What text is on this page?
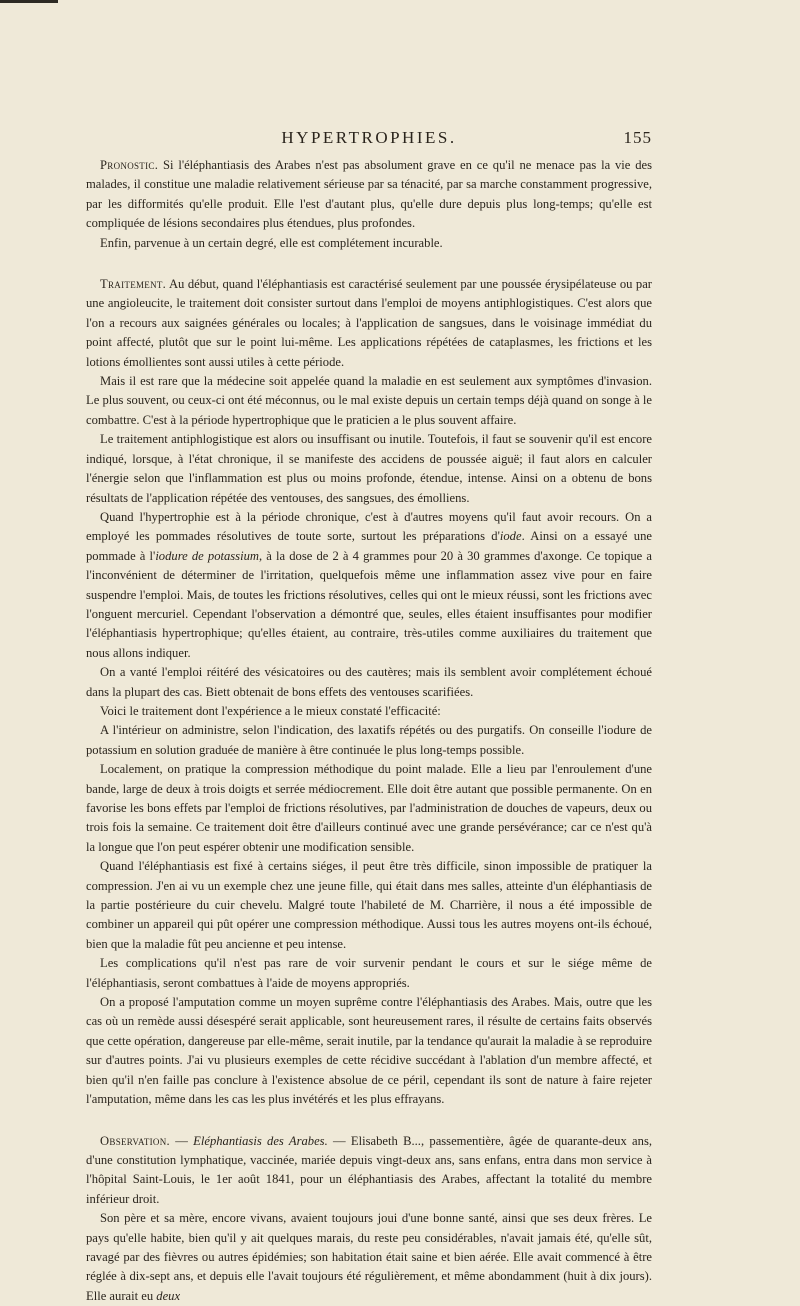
HYPERTROPHIES.	155

Pronostic. Si l'éléphantiasis des Arabes n'est pas absolument grave en ce qu'il ne menace pas la vie des malades, il constitue une maladie relativement sérieuse par sa ténacité, par sa marche constamment progressive, par les difformités qu'elle produit. Elle l'est d'autant plus, qu'elle dure depuis plus long-temps; qu'elle est compliquée de lésions secondaires plus étendues, plus profondes.

Enfin, parvenue à un certain degré, elle est complétement incurable.

Traitement. Au début, quand l'éléphantiasis est caractérisé seulement par une poussée érysipélateuse ou par une angioleucite, le traitement doit consister surtout dans l'emploi de moyens antiphlogistiques. C'est alors que l'on a recours aux saignées générales ou locales; à l'application de sangsues, dans le voisinage immédiat du point affecté, plutôt que sur le point lui-même. Les applications répétées de cataplasmes, les frictions et les lotions émollientes sont aussi utiles à cette période.

Mais il est rare que la médecine soit appelée quand la maladie en est seulement aux symptômes d'invasion. Le plus souvent, ou ceux-ci ont été méconnus, ou le mal existe depuis un certain temps déjà quand on songe à le combattre. C'est à la période hypertrophique que le praticien a le plus souvent affaire.

Le traitement antiphlogistique est alors ou insuffisant ou inutile. Toutefois, il faut se souvenir qu'il est encore indiqué, lorsque, à l'état chronique, il se manifeste des accidens de poussée aiguë; il faut alors en calculer l'énergie selon que l'inflammation est plus ou moins profonde, étendue, intense. Ainsi on a obtenu de bons résultats de l'application répétée des ventouses, des sangsues, des émolliens.

Quand l'hypertrophie est à la période chronique, c'est à d'autres moyens qu'il faut avoir recours. On a employé les pommades résolutives de toute sorte, surtout les préparations d'iode. Ainsi on a essayé une pommade à l'iodure de potassium, à la dose de 2 à 4 grammes pour 20 à 30 grammes d'axonge. Ce topique a l'inconvénient de déterminer de l'irritation, quelquefois même une inflammation assez vive pour en faire suspendre l'emploi. Mais, de toutes les frictions résolutives, celles qui ont le mieux réussi, sont les frictions avec l'onguent mercuriel. Cependant l'observation a démontré que, seules, elles étaient insuffisantes pour modifier l'éléphantiasis hypertrophique; qu'elles étaient, au contraire, très-utiles comme auxiliaires du traitement que nous allons indiquer.

On a vanté l'emploi réitéré des vésicatoires ou des cautères; mais ils semblent avoir complétement échoué dans la plupart des cas. Biett obtenait de bons effets des ventouses scarifiées.

Voici le traitement dont l'expérience a le mieux constaté l'efficacité:

A l'intérieur on administre, selon l'indication, des laxatifs répétés ou des purgatifs. On conseille l'iodure de potassium en solution graduée de manière à être continuée le plus long-temps possible.

Localement, on pratique la compression méthodique du point malade. Elle a lieu par l'enroulement d'une bande, large de deux à trois doigts et serrée médiocrement. Elle doit être autant que possible permanente. On en favorise les bons effets par l'emploi de frictions résolutives, par l'administration de douches de vapeurs, deux ou trois fois la semaine. Ce traitement doit être d'ailleurs continué avec une grande persévérance; car ce n'est qu'à la longue que l'on peut espérer obtenir une modification sensible.

Quand l'éléphantiasis est fixé à certains siéges, il peut être très difficile, sinon impossible de pratiquer la compression. J'en ai vu un exemple chez une jeune fille, qui était dans mes salles, atteinte d'un éléphantiasis de la partie postérieure du cuir chevelu. Malgré toute l'habileté de M. Charrière, il nous a été impossible de combiner un appareil qui pût opérer une compression méthodique. Aussi tous les autres moyens ont-ils échoué, bien que la maladie fût peu ancienne et peu intense.

Les complications qu'il n'est pas rare de voir survenir pendant le cours et sur le siége même de l'éléphantiasis, seront combattues à l'aide de moyens appropriés.

On a proposé l'amputation comme un moyen suprême contre l'éléphantiasis des Arabes. Mais, outre que les cas où un remède aussi désespéré serait applicable, sont heureusement rares, il résulte de certains faits observés que cette opération, dangereuse par elle-même, serait inutile, par la tendance qu'aurait la maladie à se reproduire sur d'autres points. J'ai vu plusieurs exemples de cette récidive succédant à l'ablation d'un membre affecté, et bien qu'il n'en faille pas conclure à l'existence absolue de ce péril, cependant ils sont de nature à faire rejeter l'amputation, même dans les cas les plus invétérés et les plus effrayans.

Observation. — Eléphantiasis des Arabes. — Elisabeth B..., passementière, âgée de quarante-deux ans, d'une constitution lymphatique, vaccinée, mariée depuis vingt-deux ans, sans enfans, entra dans mon service à l'hôpital Saint-Louis, le 1er août 1841, pour un éléphantiasis des Arabes, affectant la totalité du membre inférieur droit.

Son père et sa mère, encore vivans, avaient toujours joui d'une bonne santé, ainsi que ses deux frères. Le pays qu'elle habite, bien qu'il y ait quelques marais, du reste peu considérables, n'avait jamais été, qu'elle sût, ravagé par des fièvres ou autres épidémies; son habitation était saine et bien aérée. Elle avait commencé à être réglée à dix-sept ans, et depuis elle l'avait toujours été régulièrement, et même abondamment (huit à dix jours). Elle aurait eu deux
